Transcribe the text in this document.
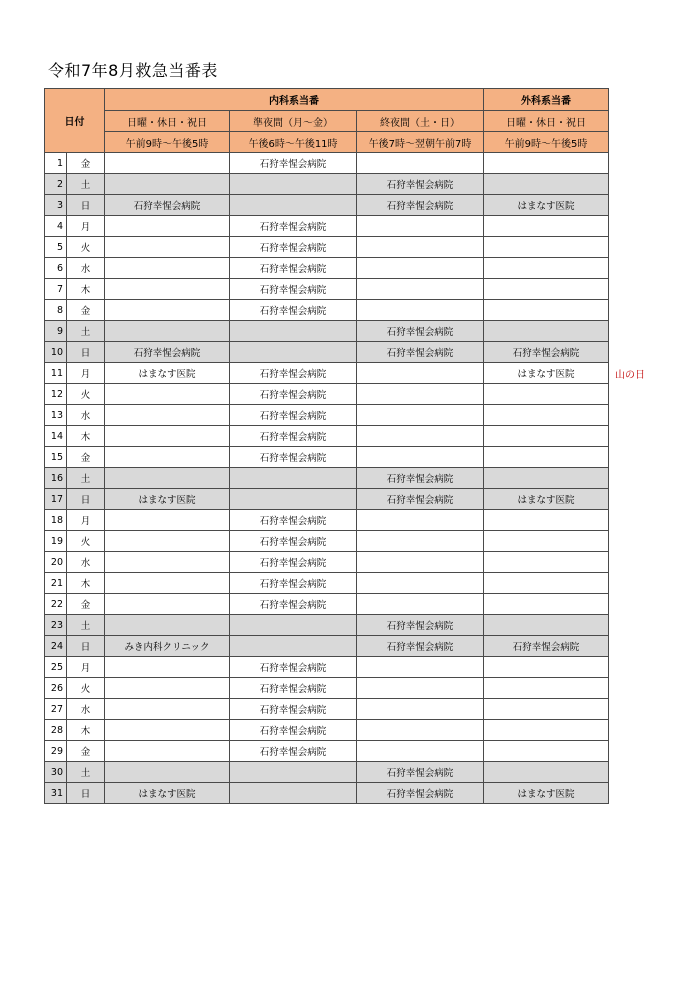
令和7年8月救急当番表
日付		内科系当番			外科系当番
		日曜・休日・祝日	準夜間（月～金）	終夜間（土・日）	日曜・休日・祝日
		午前9時～午後5時	午後6時～午後11時	午後7時～翌朝午前7時	午前9時～午後5時
1	金		石狩幸惺会病院		
2	土			石狩幸惺会病院	
3	日	石狩幸惺会病院		石狩幸惺会病院	はまなす医院
4	月		石狩幸惺会病院		
5	火		石狩幸惺会病院		
6	水		石狩幸惺会病院		
7	木		石狩幸惺会病院		
8	金		石狩幸惺会病院		
9	土			石狩幸惺会病院	
10	日	石狩幸惺会病院		石狩幸惺会病院	石狩幸惺会病院
11	月	はまなす医院	石狩幸惺会病院		はまなす医院
12	火		石狩幸惺会病院		
13	水		石狩幸惺会病院		
14	木		石狩幸惺会病院		
15	金		石狩幸惺会病院		
16	土			石狩幸惺会病院	
17	日	はまなす医院		石狩幸惺会病院	はまなす医院
18	月		石狩幸惺会病院		
19	火		石狩幸惺会病院		
20	水		石狩幸惺会病院		
21	木		石狩幸惺会病院		
22	金		石狩幸惺会病院		
23	土			石狩幸惺会病院	
24	日	みき内科クリニック		石狩幸惺会病院	石狩幸惺会病院
25	月		石狩幸惺会病院		
26	火		石狩幸惺会病院		
27	水		石狩幸惺会病院		
28	木		石狩幸惺会病院		
29	金		石狩幸惺会病院		
30	土			石狩幸惺会病院	
31	日	はまなす医院		石狩幸惺会病院	はまなす医院
山の日
